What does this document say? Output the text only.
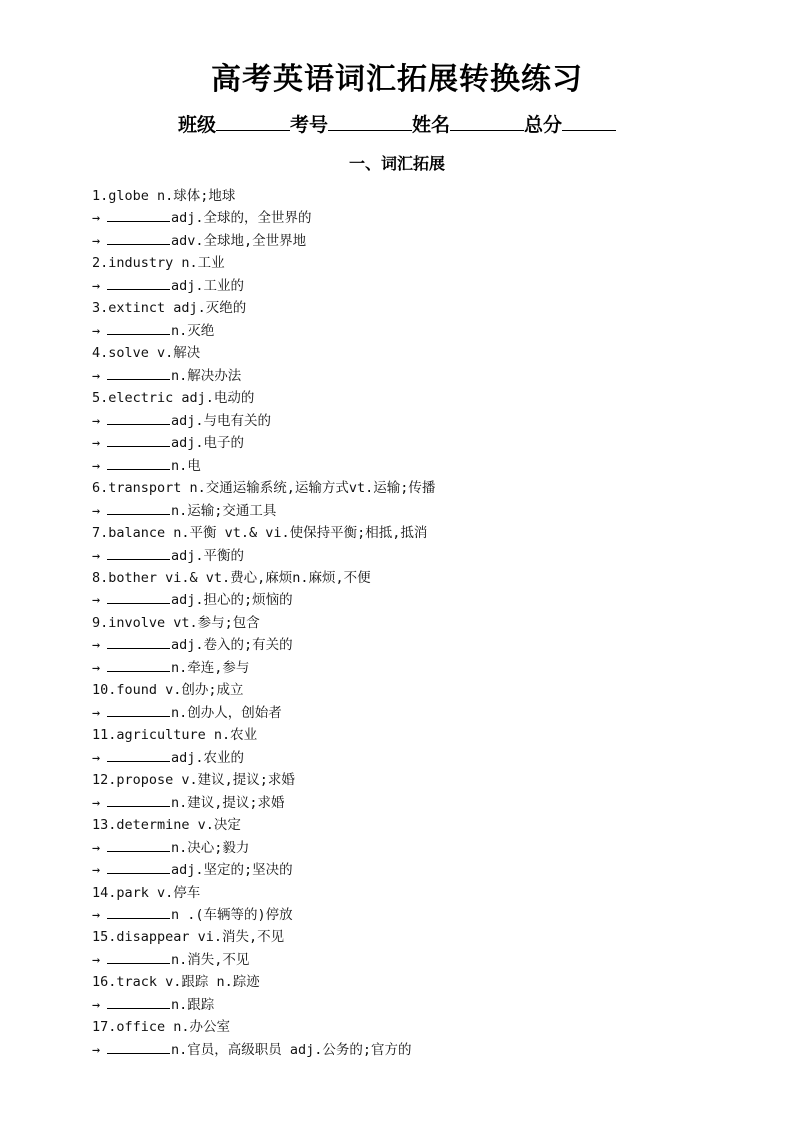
高考英语词汇拓展转换练习
班级	考号	姓名	总分
一、词汇拓展
1.globe n.球体;地球
→	adj.全球的，全世界的
→	adv.全球地,全世界地
2.industry n.工业
→	adj.工业的
3.extinct adj.灭绝的
→	n.灭绝
4.solve v.解决
→	n.解决办法
5.electric adj.电动的
→	adj.与电有关的
→	adj.电子的
→	n.电
6.transport n.交通运输系统,运输方式vt.运输;传播
→	n.运输;交通工具
7.balance n.平衡 vt.& vi.使保持平衡;相抵,抵消
→	adj.平衡的
8.bother vi.& vt.费心,麻烦n.麻烦,不便
→	adj.担心的;烦恼的
9.involve vt.参与;包含
→	adj.卷入的;有关的
→	n.牵连,参与
10.found v.创办;成立
→	n.创办人，创始者
11.agriculture n.农业
→	adj.农业的
12.propose v.建议,提议;求婚
→	n.建议,提议;求婚
13.determine v.决定
→	n.决心;毅力
→	adj.坚定的;坚决的
14.park v.停车
→	n .(车辆等的)停放
15.disappear vi.消失,不见
→	n.消失,不见
16.track v.跟踪 n.踪迹
→	n.跟踪
17.office n.办公室
→	n.官员，高级职员 adj.公务的;官方的
